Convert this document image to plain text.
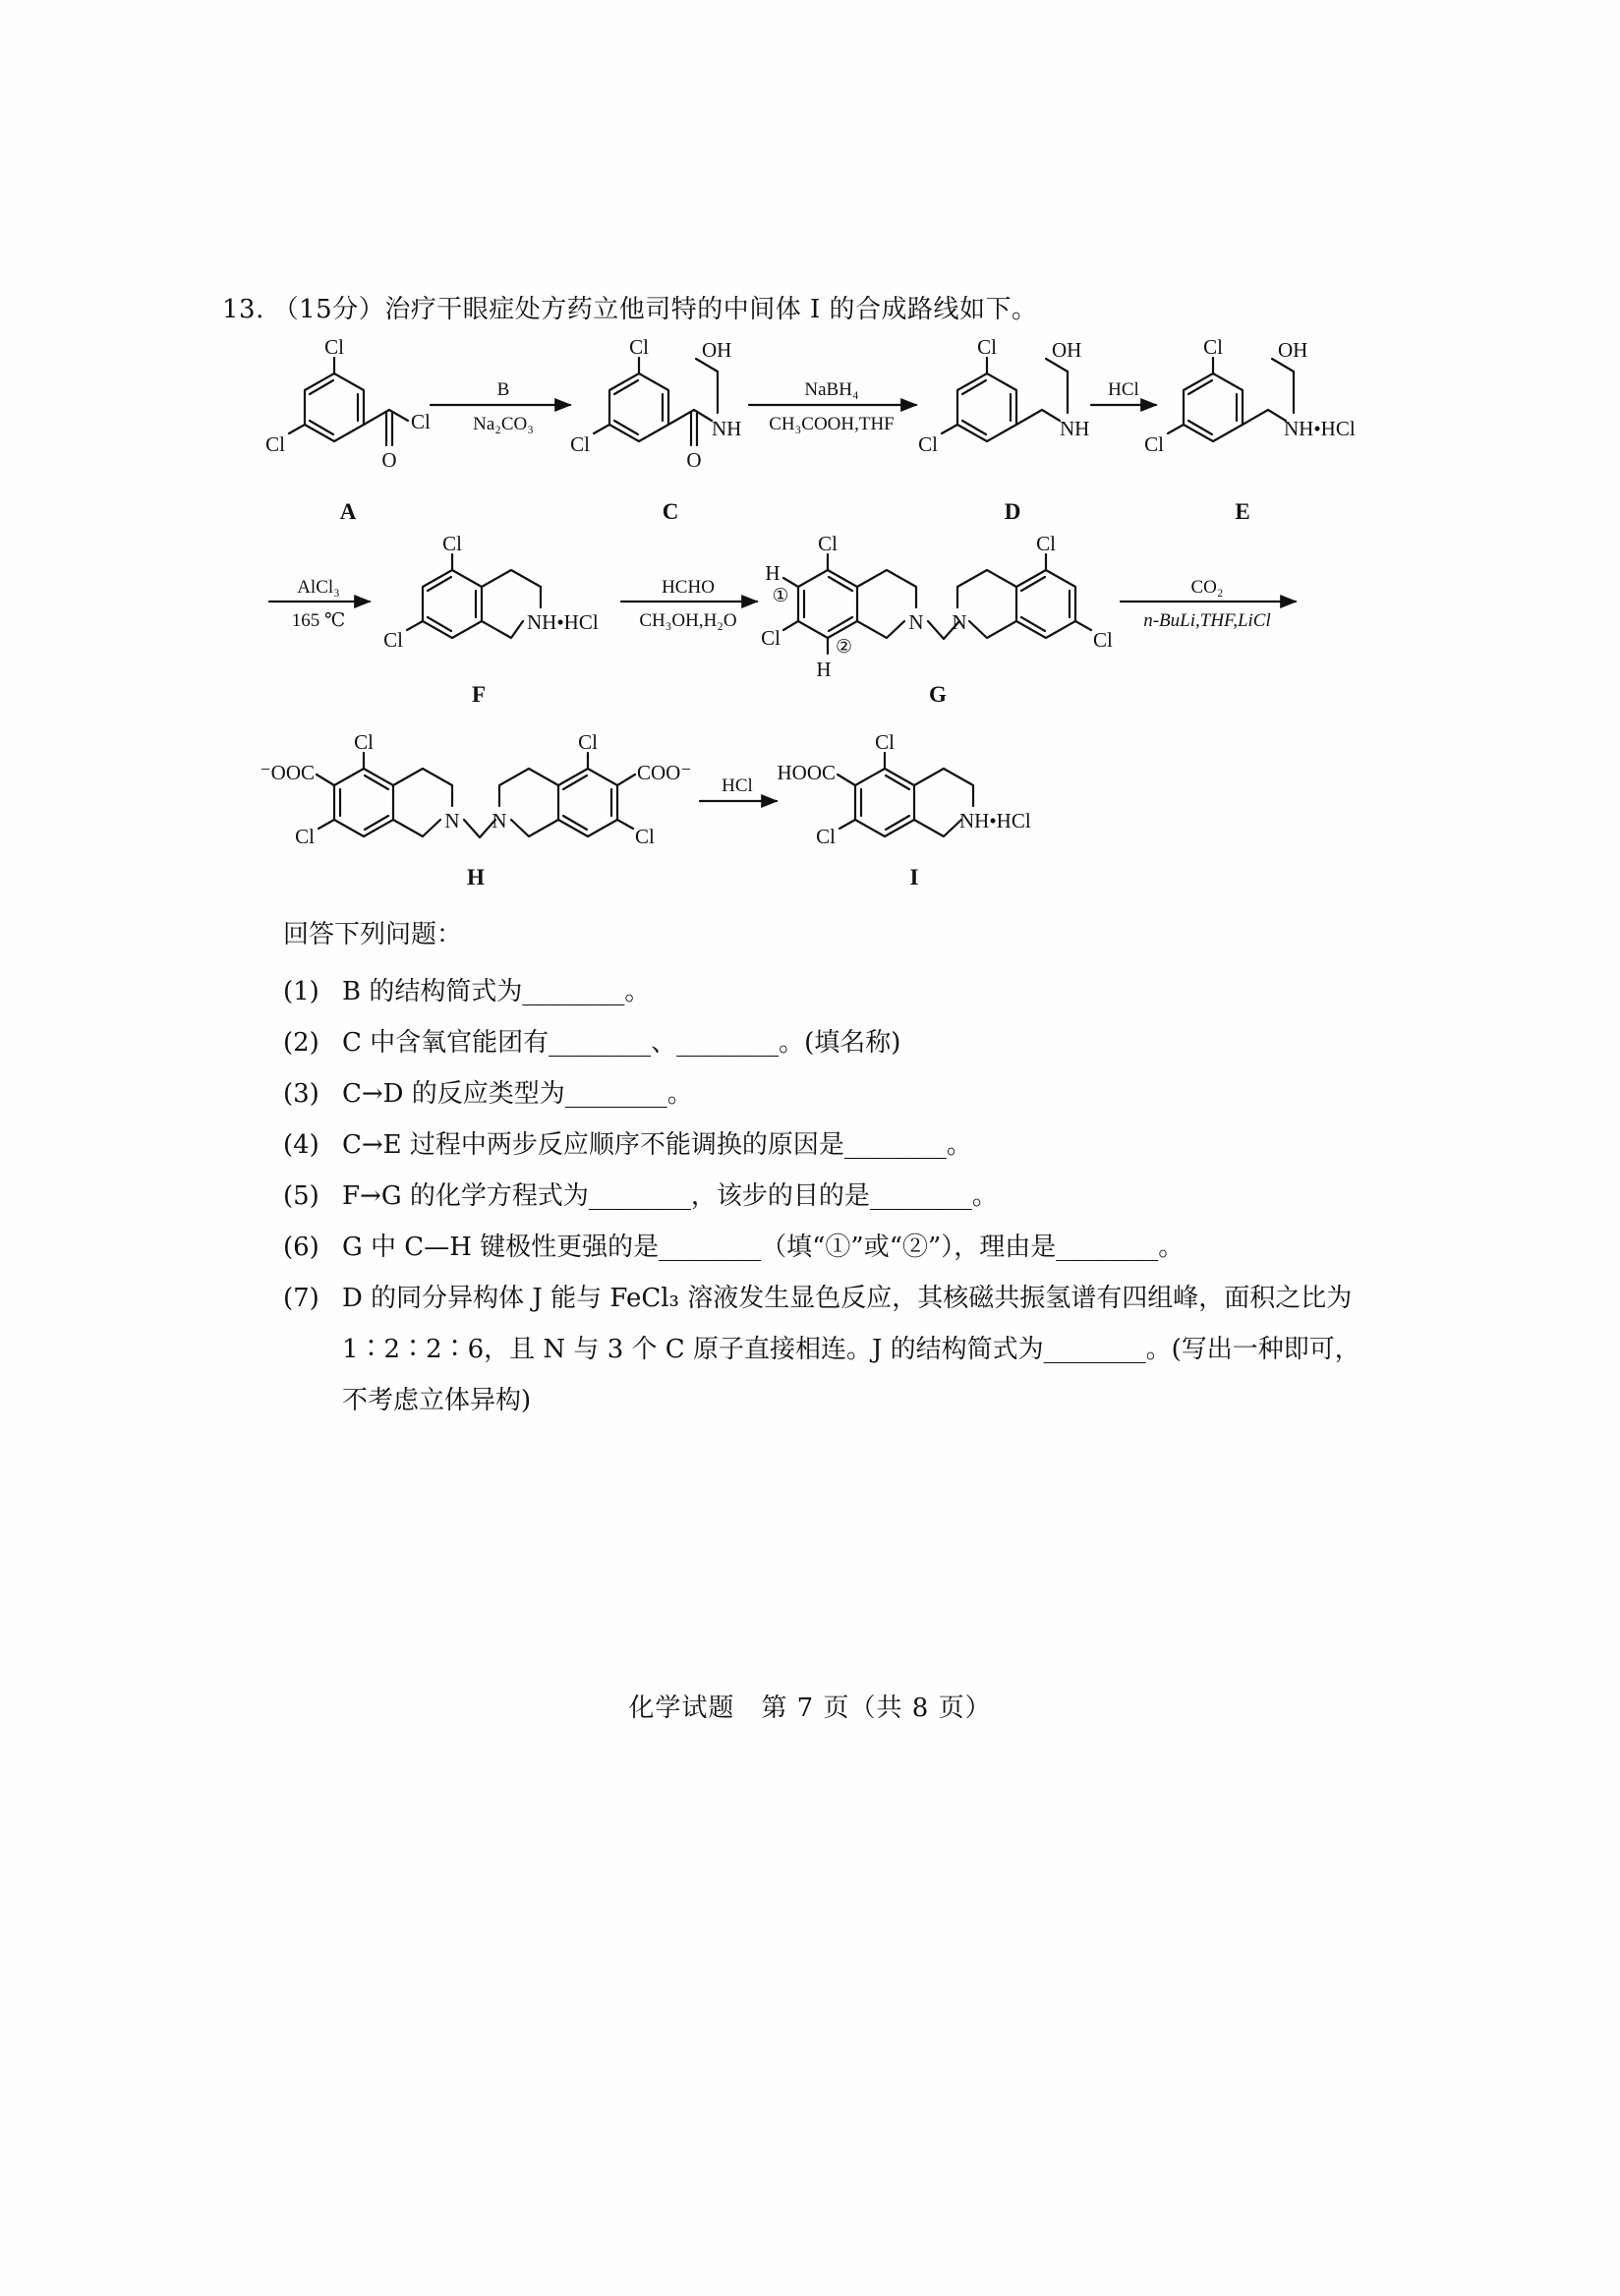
13. （15分）治疗干眼症处方药立他司特的中间体 I 的合成路线如下。
Cl
Cl
Cl
O
Cl
Cl
NH
O
OH	Cl
Cl
NH
OH	Cl
Cl
NH•HCl
OH
Cl
Cl
NH•HCl
Cl
H
①
Cl	②
H
N N
Cl
Cl
Cl
⁻OOC
Cl
N N
Cl
COO⁻
Cl
Cl
HOOC
Cl
NH•HCl
B
Na₂CO₃
NaBH₄
CH₃COOH,THF
HCl
AlCl₃
165 ℃
HCHO
CH₃OH,H₂O
CO₂
n-BuLi,THF,LiCl
HCl
A	C	D	E
F	G
H	I
回答下列问题：
(1) B 的结构简式为________。
(2) C 中含氧官能团有________、________。(填名称)
(3) C→D 的反应类型为________。
(4) C→E 过程中两步反应顺序不能调换的原因是________。
(5) F→G 的化学方程式为________，该步的目的是________。
(6) G 中 C—H 键极性更强的是________（填“①”或“②”），理由是________。
(7) D 的同分异构体 J 能与 FeCl₃ 溶液发生显色反应，其核磁共振氢谱有四组峰，面积之比为 1∶2∶2∶6，且 N 与 3 个 C 原子直接相连。J 的结构简式为________。(写出一种即可，不考虑立体异构)
化学试题　第 7 页（共 8 页）
